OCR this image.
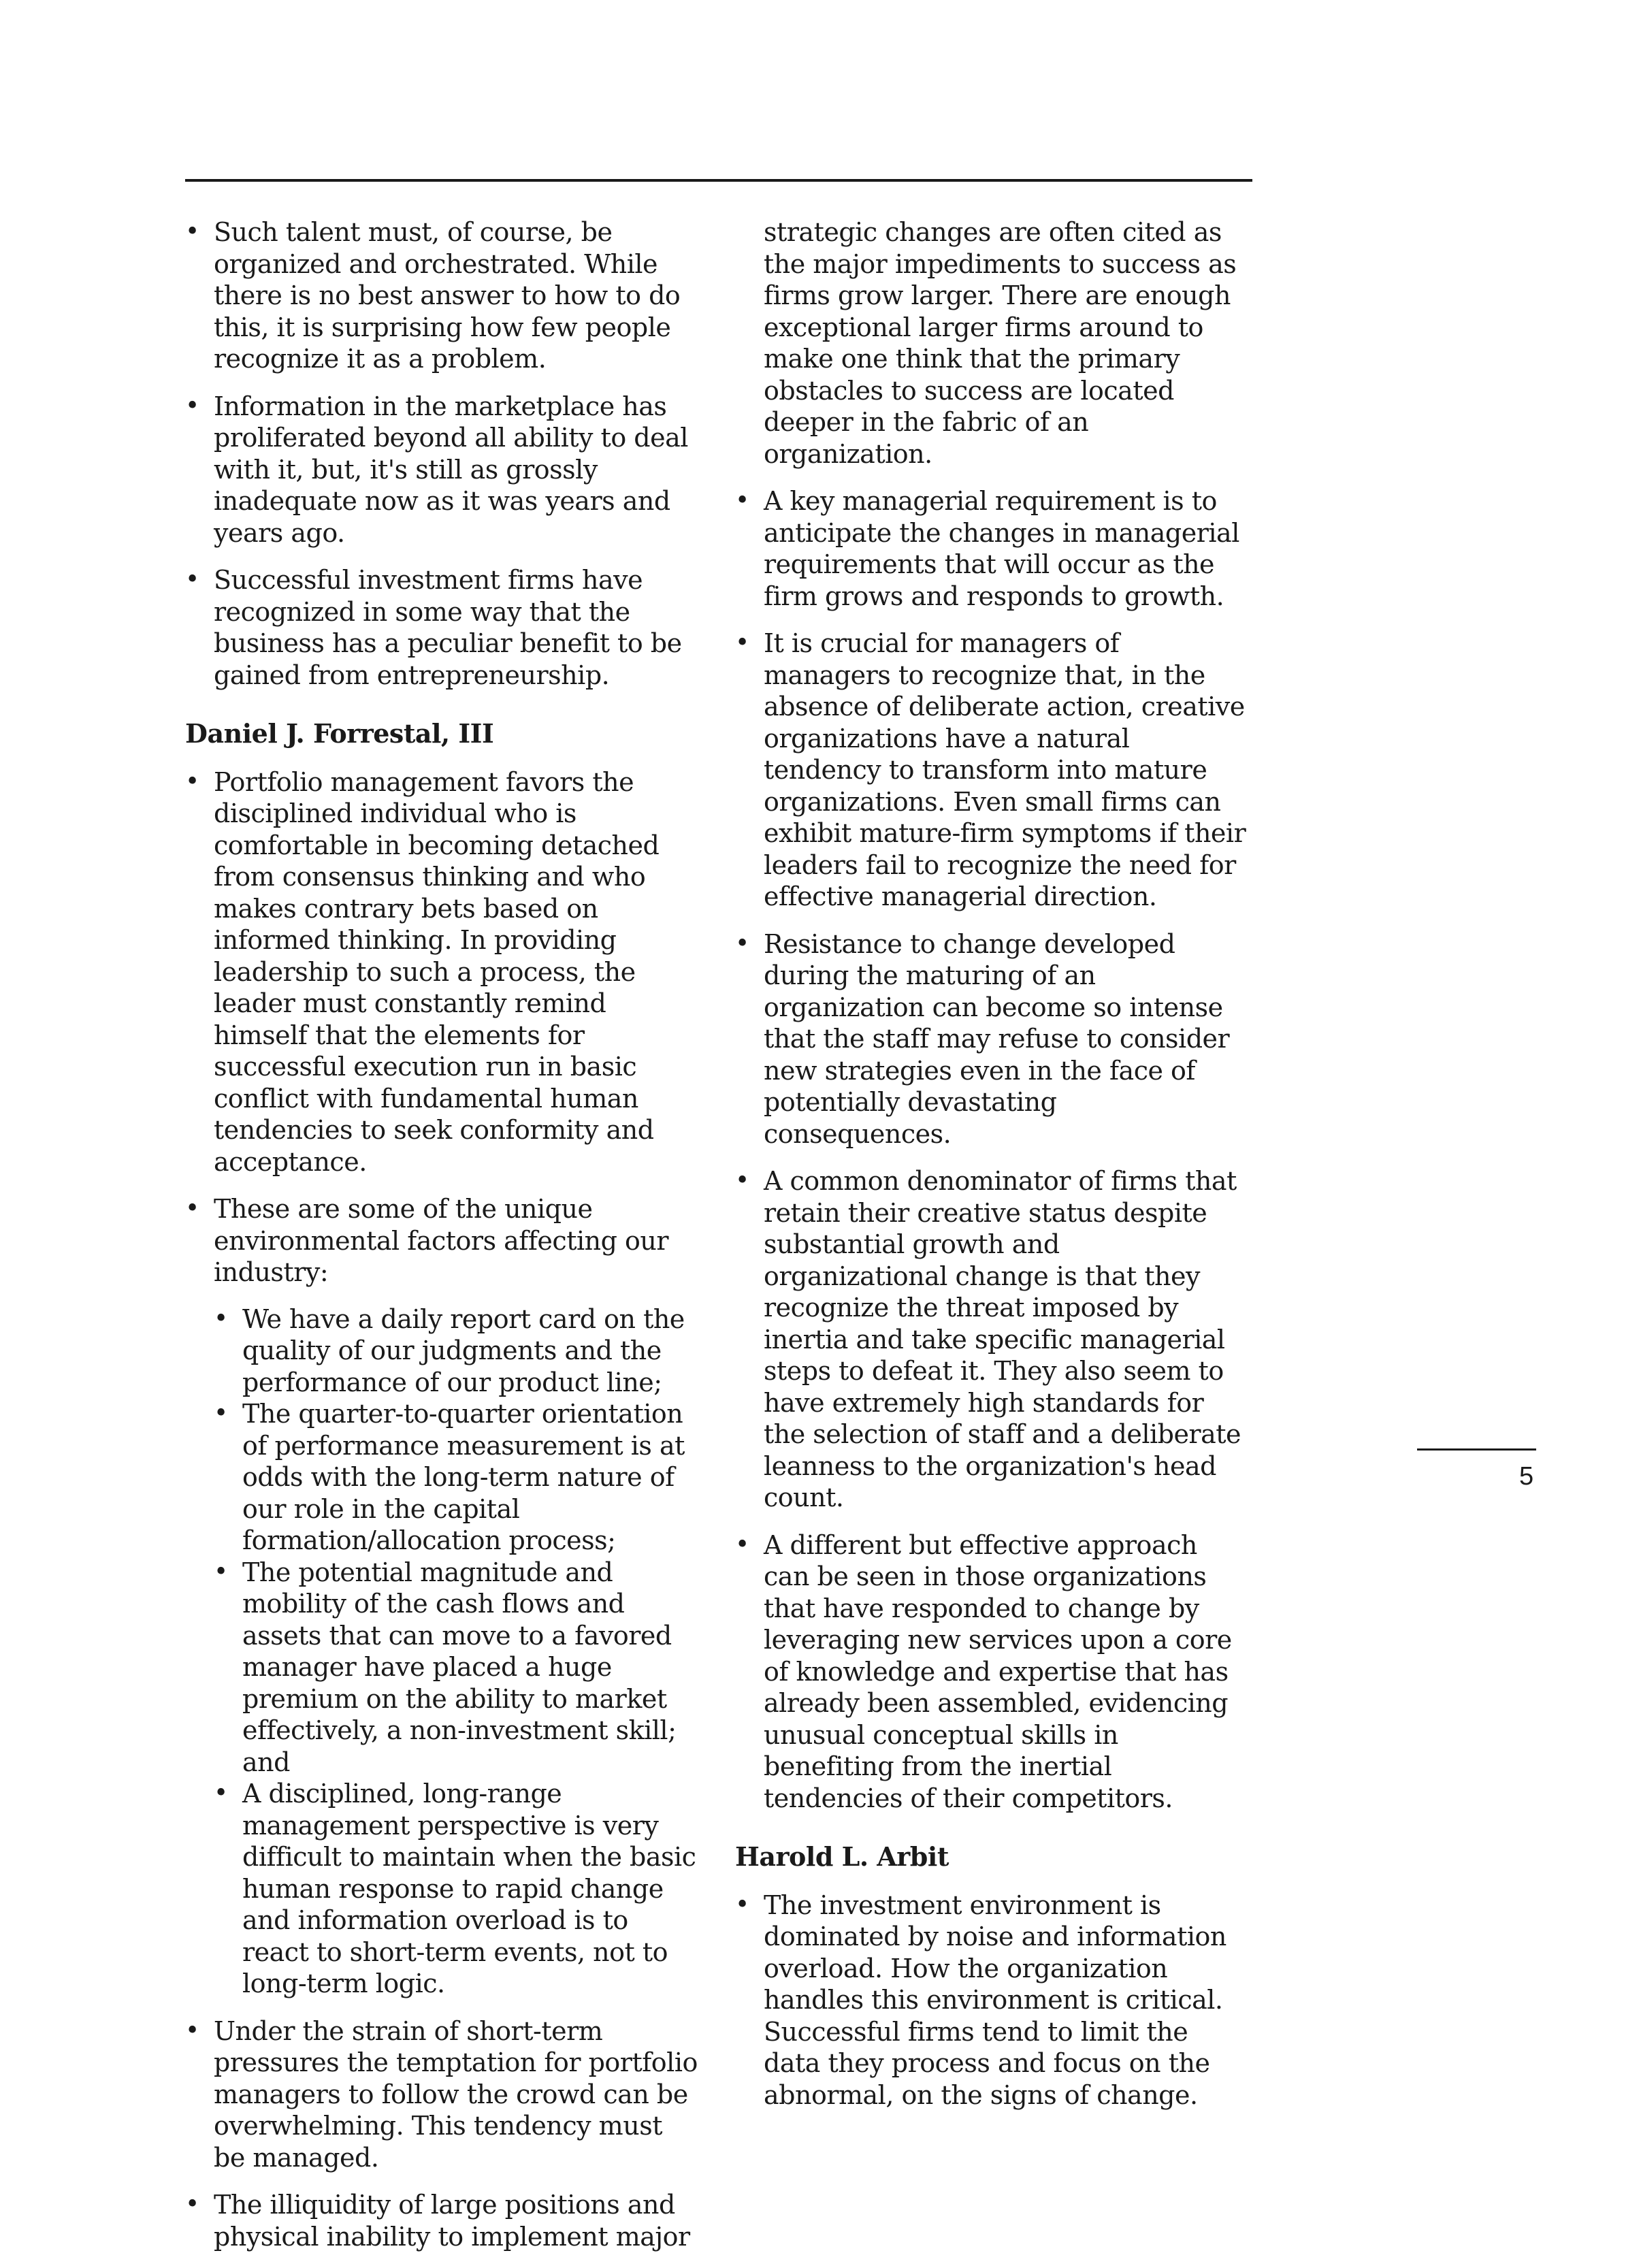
• Such talent must, of course, be organized and orchestrated. While there is no best answer to how to do this, it is surprising how few people recognize it as a problem.
• Information in the marketplace has proliferated beyond all ability to deal with it, but, it's still as grossly inadequate now as it was years and years ago.
• Successful investment firms have recognized in some way that the business has a peculiar benefit to be gained from entrepreneurship.
Daniel J. Forrestal, III
• Portfolio management favors the disciplined individual who is comfortable in becoming detached from consensus thinking and who makes contrary bets based on informed thinking. In providing leadership to such a process, the leader must constantly remind himself that the elements for successful execution run in basic conflict with fundamental human tendencies to seek conformity and acceptance.
• These are some of the unique environmental factors affecting our industry:
• We have a daily report card on the quality of our judgments and the performance of our product line;
• The quarter-to-quarter orientation of performance measurement is at odds with the long-term nature of our role in the capital formation/allocation process;
• The potential magnitude and mobility of the cash flows and assets that can move to a favored manager have placed a huge premium on the ability to market effectively, a non-investment skill; and
• A disciplined, long-range management perspective is very difficult to maintain when the basic human response to rapid change and information overload is to react to short-term events, not to long-term logic.
• Under the strain of short-term pressures the temptation for portfolio managers to follow the crowd can be overwhelming. This tendency must be managed.
• The illiquidity of large positions and physical inability to implement major

strategic changes are often cited as the major impediments to success as firms grow larger. There are enough exceptional larger firms around to make one think that the primary obstacles to success are located deeper in the fabric of an organization.

• A key managerial requirement is to anticipate the changes in managerial requirements that will occur as the firm grows and responds to growth.
• It is crucial for managers of managers to recognize that, in the absence of deliberate action, creative organizations have a natural tendency to transform into mature organizations. Even small firms can exhibit mature-firm symptoms if their leaders fail to recognize the need for effective managerial direction.
• Resistance to change developed during the maturing of an organization can become so intense that the staff may refuse to consider new strategies even in the face of potentially devastating consequences.
• A common denominator of firms that retain their creative status despite substantial growth and organizational change is that they recognize the threat imposed by inertia and take specific managerial steps to defeat it. They also seem to have extremely high standards for the selection of staff and a deliberate leanness to the organization's head count.
• A different but effective approach can be seen in those organizations that have responded to change by leveraging new services upon a core of knowledge and expertise that has already been assembled, evidencing unusual conceptual skills in benefiting from the inertial tendencies of their competitors.
Harold L. Arbit
• The investment environment is dominated by noise and information overload. How the organization handles this environment is critical. Successful firms tend to limit the data they process and focus on the abnormal, on the signs of change.
5
